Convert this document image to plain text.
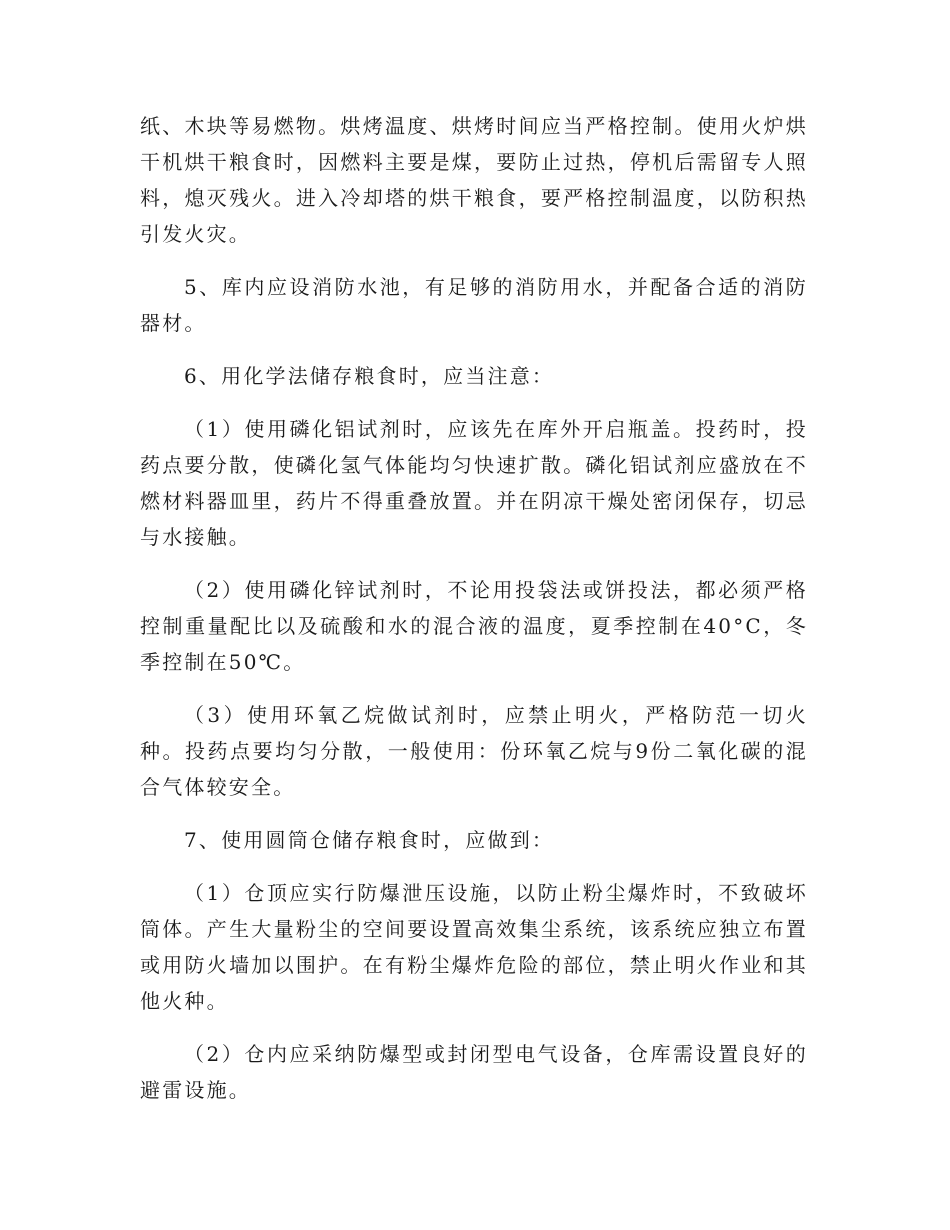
纸、木块等易燃物。烘烤温度、烘烤时间应当严格控制。使用火炉烘干机烘干粮食时，因燃料主要是煤，要防止过热，停机后需留专人照料，熄灭残火。进入冷却塔的烘干粮食，要严格控制温度，以防积热引发火灾。

5、库内应设消防水池，有足够的消防用水，并配备合适的消防器材。

6、用化学法储存粮食时，应当注意：

（1）使用磷化铝试剂时，应该先在库外开启瓶盖。投药时，投药点要分散，使磷化氢气体能均匀快速扩散。磷化铝试剂应盛放在不燃材料器皿里，药片不得重叠放置。并在阴凉干燥处密闭保存，切忌与水接触。

（2）使用磷化锌试剂时，不论用投袋法或饼投法，都必须严格控制重量配比以及硫酸和水的混合液的温度，夏季控制在40°C，冬季控制在50℃。

（3）使用环氧乙烷做试剂时，应禁止明火，严格防范一切火种。投药点要均匀分散，一般使用：份环氧乙烷与9份二氧化碳的混合气体较安全。

7、使用圆筒仓储存粮食时，应做到：

（1）仓顶应实行防爆泄压设施，以防止粉尘爆炸时，不致破坏筒体。产生大量粉尘的空间要设置高效集尘系统，该系统应独立布置或用防火墙加以围护。在有粉尘爆炸危险的部位，禁止明火作业和其他火种。

（2）仓内应采纳防爆型或封闭型电气设备，仓库需设置良好的避雷设施。
